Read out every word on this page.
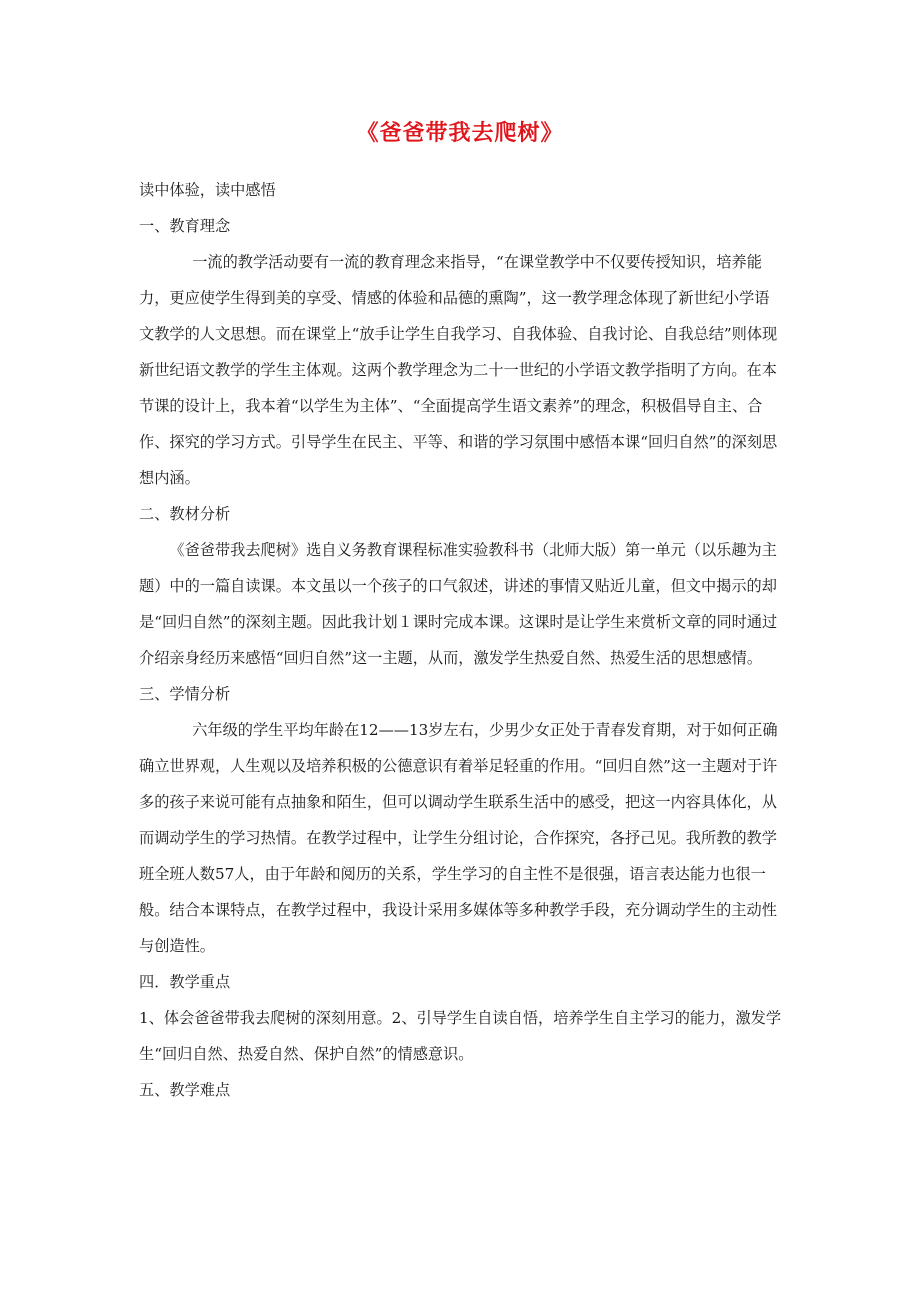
《爸爸带我去爬树》

读中体验，读中感悟

一、教育理念

一流的教学活动要有一流的教育理念来指导，“在课堂教学中不仅要传授知识，培养能力，更应使学生得到美的享受、情感的体验和品德的熏陶”，这一教学理念体现了新世纪小学语文教学的人文思想。而在课堂上“放手让学生自我学习、自我体验、自我讨论、自我总结”则体现新世纪语文教学的学生主体观。这两个教学理念为二十一世纪的小学语文教学指明了方向。在本节课的设计上，我本着“以学生为主体”、“全面提高学生语文素养”的理念，积极倡导自主、合作、探究的学习方式。引导学生在民主、平等、和谐的学习氛围中感悟本课“回归自然”的深刻思想内涵。

二、教材分析

《爸爸带我去爬树》选自义务教育课程标准实验教科书（北师大版）第一单元（以乐趣为主题）中的一篇自读课。本文虽以一个孩子的口气叙述，讲述的事情又贴近儿童，但文中揭示的却是“回归自然”的深刻主题。因此我计划１课时完成本课。这课时是让学生来赏析文章的同时通过介绍亲身经历来感悟“回归自然”这一主题，从而，激发学生热爱自然、热爱生活的思想感情。

三、学情分析

六年级的学生平均年龄在12——13岁左右，少男少女正处于青春发育期，对于如何正确确立世界观，人生观以及培养积极的公德意识有着举足轻重的作用。“回归自然”这一主题对于许多的孩子来说可能有点抽象和陌生，但可以调动学生联系生活中的感受，把这一内容具体化，从而调动学生的学习热情。在教学过程中，让学生分组讨论，合作探究，各抒己见。我所教的教学班全班人数57人，由于年龄和阅历的关系，学生学习的自主性不是很强，语言表达能力也很一般。结合本课特点，在教学过程中，我设计采用多媒体等多种教学手段，充分调动学生的主动性与创造性。

四．教学重点

1、体会爸爸带我去爬树的深刻用意。2、引导学生自读自悟，培养学生自主学习的能力，激发学生“回归自然、热爱自然、保护自然”的情感意识。

五、教学难点
